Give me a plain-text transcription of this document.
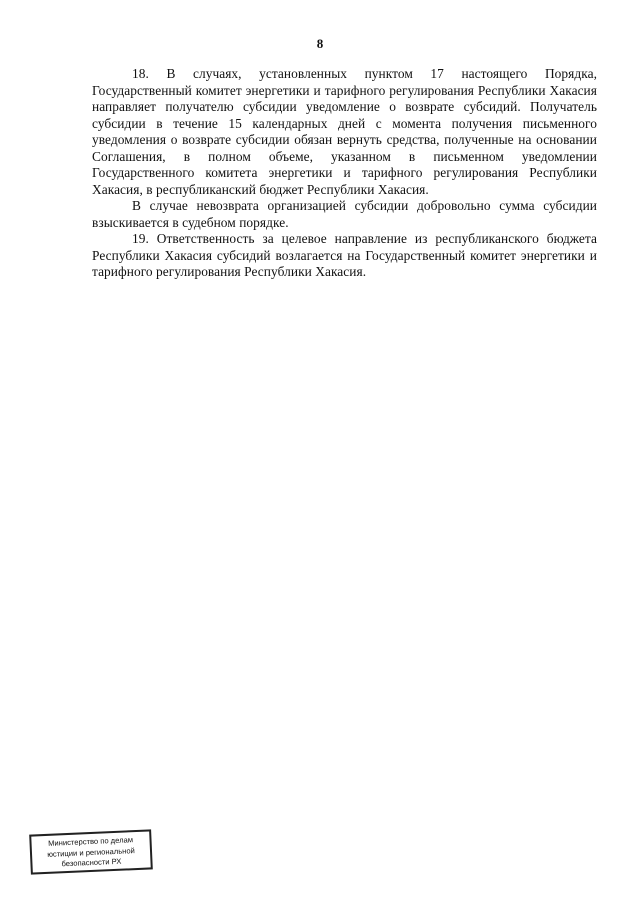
8

18. В случаях, установленных пунктом 17 настоящего Порядка, Государственный комитет энергетики и тарифного регулирования Республики Хакасия направляет получателю субсидии уведомление о возврате субсидий. Получатель субсидии в течение 15 календарных дней с момента получения письменного уведомления о возврате субсидии обязан вернуть средства, полученные на основании Соглашения, в полном объеме, указанном в письменном уведомлении Государственного комитета энергетики и тарифного регулирования Республики Хакасия, в республиканский бюджет Республики Хакасия.

В случае невозврата организацией субсидии добровольно сумма субсидии взыскивается в судебном порядке.

19. Ответственность за целевое направление из республиканского бюджета Республики Хакасия субсидий возлагается на Государственный комитет энергетики и тарифного регулирования Республики Хакасия.

Министерство по делам
юстиции и региональной
безопасности РХ
